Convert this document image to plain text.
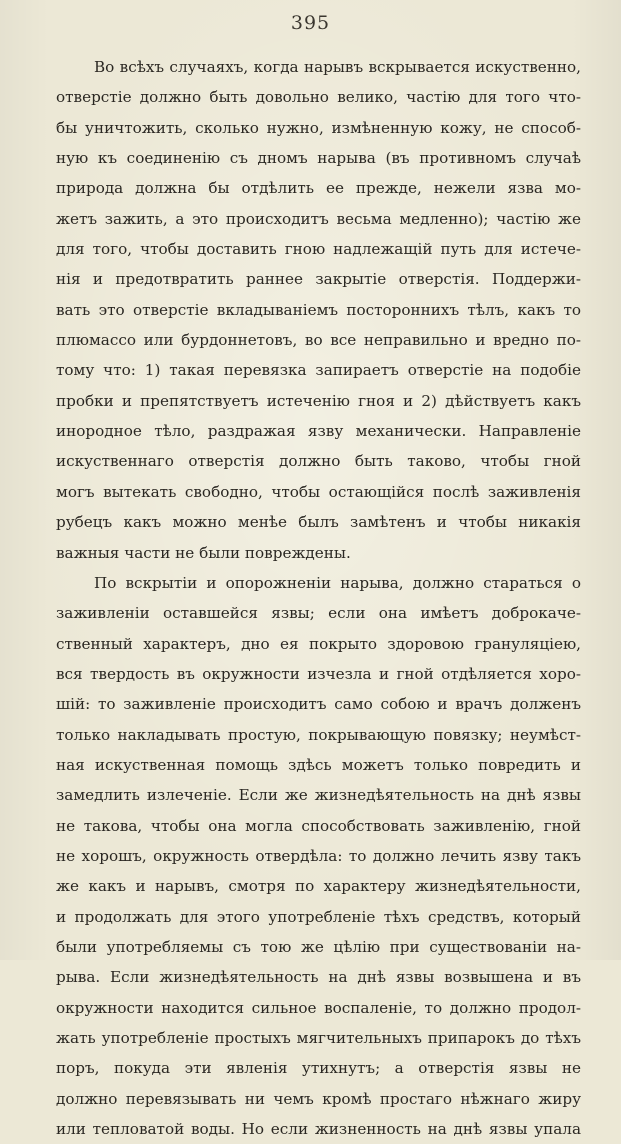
395
Во всѣхъ случаяхъ, когда нарывъ вскрывается искуственно,
отверстіе должно быть довольно велико, частію для того что-
бы уничтожить, сколько нужно, измѣненную кожу, не способ-
ную къ соединенію съ дномъ нарыва (въ противномъ случаѣ
природа должна бы отдѣлить ее прежде, нежели язва мо-
жетъ зажить, а это происходитъ весьма медленно); частію же
для того, чтобы доставить гною надлежащій путь для истече-
нія и предотвратить раннее закрытіе отверстія. Поддержи-
вать это отверстіе вкладываніемъ постороннихъ тѣлъ, какъ то
плюмассо или бурдоннетовъ, во все неправильно и вредно по-
тому что: 1) такая перевязка запираетъ отверстіе на подобіе
пробки и препятствуетъ истеченію гноя и 2) дѣйствуетъ какъ
инородное тѣло, раздражая язву механически. Направленіе
искуственнаго отверстія должно быть таково, чтобы гной
могъ вытекать свободно, чтобы остающійся послѣ заживленія
рубецъ какъ можно менѣе былъ замѣтенъ и чтобы никакія
важныя части не были повреждены.
По вскрытіи и опорожненіи нарыва, должно стараться о
заживленіи оставшейся язвы; если она имѣетъ доброкаче-
ственный характеръ, дно ея покрыто здоровою грануляціею,
вся твердость въ окружности изчезла и гной отдѣляется хоро-
шій: то заживленіе происходитъ само собою и врачъ долженъ
только накладывать простую, покрывающую повязку; неумѣст-
ная искуственная помощь здѣсь можетъ только повредить и
замедлить излеченіе. Если же жизнедѣятельность на днѣ язвы
не такова, чтобы она могла способствовать заживленію, гной
не хорошъ, окружность отвердѣла: то должно лечить язву такъ
же какъ и нарывъ, смотря по характеру жизнедѣятельности,
и продолжать для этого употребленіе тѣхъ средствъ, который
были употребляемы съ тою же цѣлію при существованіи на-
рыва. Если жизнедѣятельность на днѣ язвы возвышена и въ
окружности находится сильное воспаленіе, то должно продол-
жать употребленіе простыхъ мягчительныхъ припарокъ до тѣхъ
поръ, покуда эти явленія утихнутъ; а отверстія язвы не
должно перевязывать ни чемъ кромѣ простаго нѣжнаго жиру
или тепловатой воды. Но если жизненность на днѣ язвы упала
